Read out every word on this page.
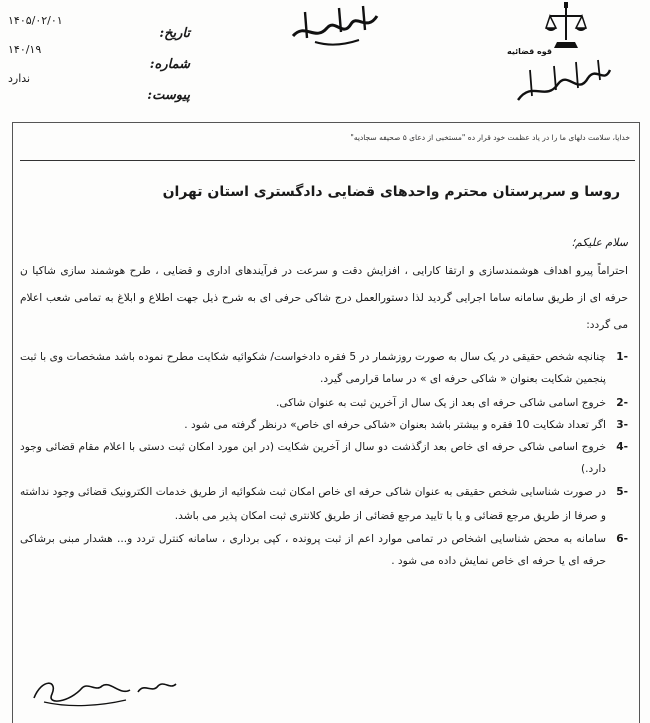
۱۴۰۵/۰۲/۰۱
۱۴۰/۱۹
ندارد
تاریخ:
شماره:
پیوست:
بسمه تعالی
قوه قضائیه
دادگستری کل استان تهران
خدایا، سلامت دلهای ما را در یاد عظمت خود قرار ده "مستخبی از دعای ۵ صحیفه سجادیه"
روسا و سرپرستان محترم واحدهای قضایی دادگستری استان تهران
سلام علیکم؛
احتراماً پیرو اهداف هوشمندسازی و ارتقا کارایی ، افزایش دقت و سرعت در فرآیندهای اداری و قضایی ، طرح هوشمند سازی شاکیا ن حرفه ای از طریق سامانه ساما اجرایی گردید لذا دستورالعمل درج شاکی حرفی ای به شرح ذیل جهت اطلاع و ابلاغ به تمامی شعب اعلام می گردد:
-1
چنانچه شخص حقیقی در یک سال به صورت روزشمار در 5 فقره دادخواست/ شکوائیه شکایت مطرح نموده باشد مشخصات وی با ثبت پنجمین شکایت بعنوان « شاکی حرفه ای » در ساما قرارمی گیرد.
-2
خروج اسامی شاکی حرفه ای بعد از یک سال از آخرین ثبت به عنوان شاکی.
-3
اگر تعداد شکایت 10 فقره و بیشتر باشد بعنوان «شاکی حرفه ای خاص» درنظر گرفته می شود .
-4
خروج اسامی شاکی حرفه ای خاص بعد ازگذشت دو سال از آخرین شکایت (در این مورد امکان ثبت دستی با اعلام مقام قضائی وجود دارد.)
-5
در صورت شناسایی شخص حقیقی به عنوان شاکی حرفه ای خاص امکان ثبت شکوائیه از طریق خدمات الکترونیک قضائی وجود نداشته و صرفا از طریق مرجع قضائی و یا با تایید مرجع قضائی از طریق کلانتری ثبت امکان پذیر می باشد.
-6
سامانه به محض شناسایی اشخاص در تمامی موارد اعم از ثبت پرونده ، کپی برداری ، سامانه کنترل تردد و... هشدار مبنی برشاکی حرفه ای یا حرفه ای خاص نمایش داده می شود .
سید مجتبی
